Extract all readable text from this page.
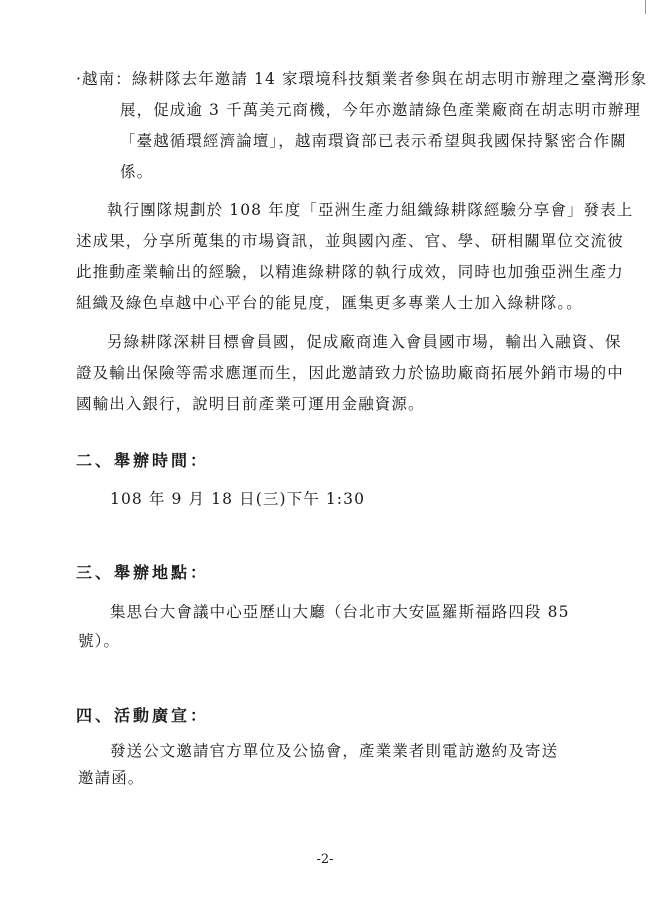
·越南：綠耕隊去年邀請 14 家環境科技類業者參與在胡志明市辦理之臺灣形象
展，促成逾 3 千萬美元商機，今年亦邀請綠色產業廠商在胡志明市辦理
「臺越循環經濟論壇」，越南環資部已表示希望與我國保持緊密合作關
係。
執行團隊規劃於 108 年度「亞洲生產力組織綠耕隊經驗分享會」發表上
述成果，分享所蒐集的市場資訊，並與國內產、官、學、研相關單位交流彼
此推動產業輸出的經驗，以精進綠耕隊的執行成效，同時也加強亞洲生產力
組織及綠色卓越中心平台的能見度，匯集更多專業人士加入綠耕隊。。
另綠耕隊深耕目標會員國，促成廠商進入會員國市場，輸出入融資、保
證及輸出保險等需求應運而生，因此邀請致力於協助廠商拓展外銷市場的中
國輸出入銀行，說明目前產業可運用金融資源。
二、舉辦時間：
108 年 9 月 18 日(三)下午 1:30
三、舉辦地點：
集思台大會議中心亞歷山大廳（台北市大安區羅斯福路四段 85
號）。
四、活動廣宣：
發送公文邀請官方單位及公協會，產業業者則電訪邀約及寄送
邀請函。
-2-
